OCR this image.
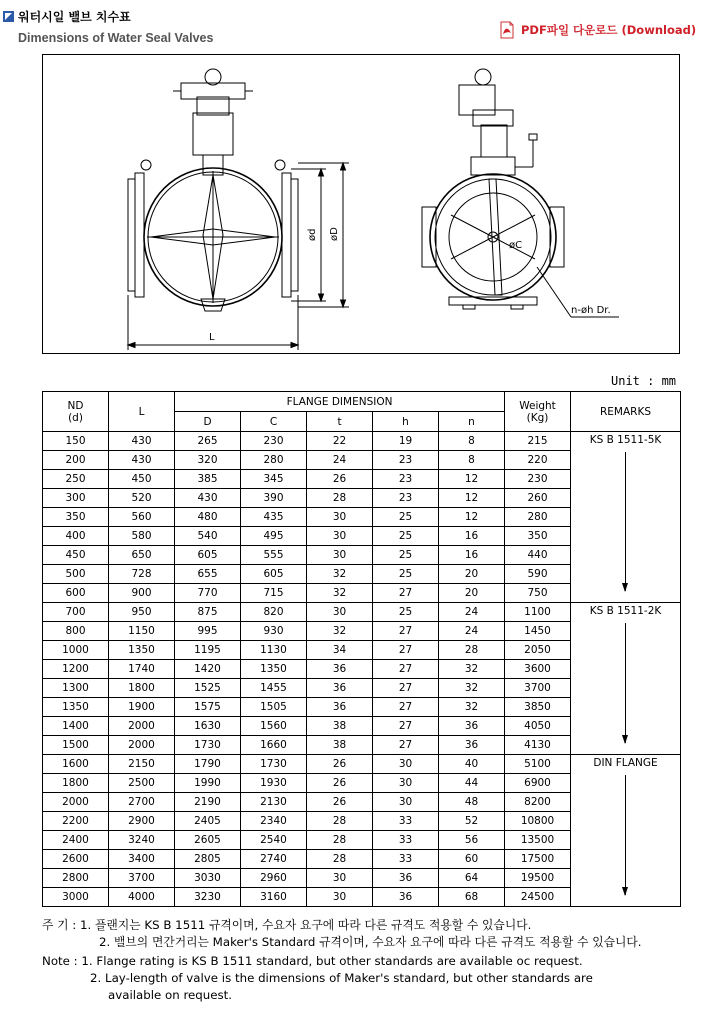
워터시일 밸브 치수표
Dimensions of Water Seal Valves
PDF파일 다운로드 (Download)
ød øD
L
øC
n-øh Dr.
Unit : mm
ND
(d)	L	FLANGE DIMENSION					Weight
(Kg)	REMARKS
		D	C	t	h	n		
150	430	265	230	22	19	8	215	KS B 1511-5K

200	430	320	280	24	23	8	220	
250	450	385	345	26	23	12	230	
300	520	430	390	28	23	12	260	
350	560	480	435	30	25	12	280	
400	580	540	495	30	25	16	350	
450	650	605	555	30	25	16	440	
500	728	655	605	32	25	20	590	
600	900	770	715	32	27	20	750	
700	950	875	820	30	25	24	1100	KS B 1511-2K

800	1150	995	930	32	27	24	1450	
1000	1350	1195	1130	34	27	28	2050	
1200	1740	1420	1350	36	27	32	3600	
1300	1800	1525	1455	36	27	32	3700	
1350	1900	1575	1505	36	27	32	3850	
1400	2000	1630	1560	38	27	36	4050	
1500	2000	1730	1660	38	27	36	4130	
1600	2150	1790	1730	26	30	40	5100	DIN FLANGE

1800	2500	1990	1930	26	30	44	6900	
2000	2700	2190	2130	26	30	48	8200	
2200	2900	2405	2340	28	33	52	10800	
2400	3240	2605	2540	28	33	56	13500	
2600	3400	2805	2740	28	33	60	17500	
2800	3700	3030	2960	30	36	64	19500	
3000	4000	3230	3160	30	36	68	24500	
주 기 : 1. 플랜지는 KS B 1511 규격이며, 수요자 요구에 따라 다른 규격도 적용할 수 있습니다.
2. 밸브의 면간거리는 Maker's Standard 규격이며, 수요자 요구에 따라 다른 규격도 적용할 수 있습니다.
Note : 1. Flange rating is KS B 1511 standard, but other standards are available oc request.
2. Lay-length of valve is the dimensions of Maker's standard, but other standards are
available on request.
